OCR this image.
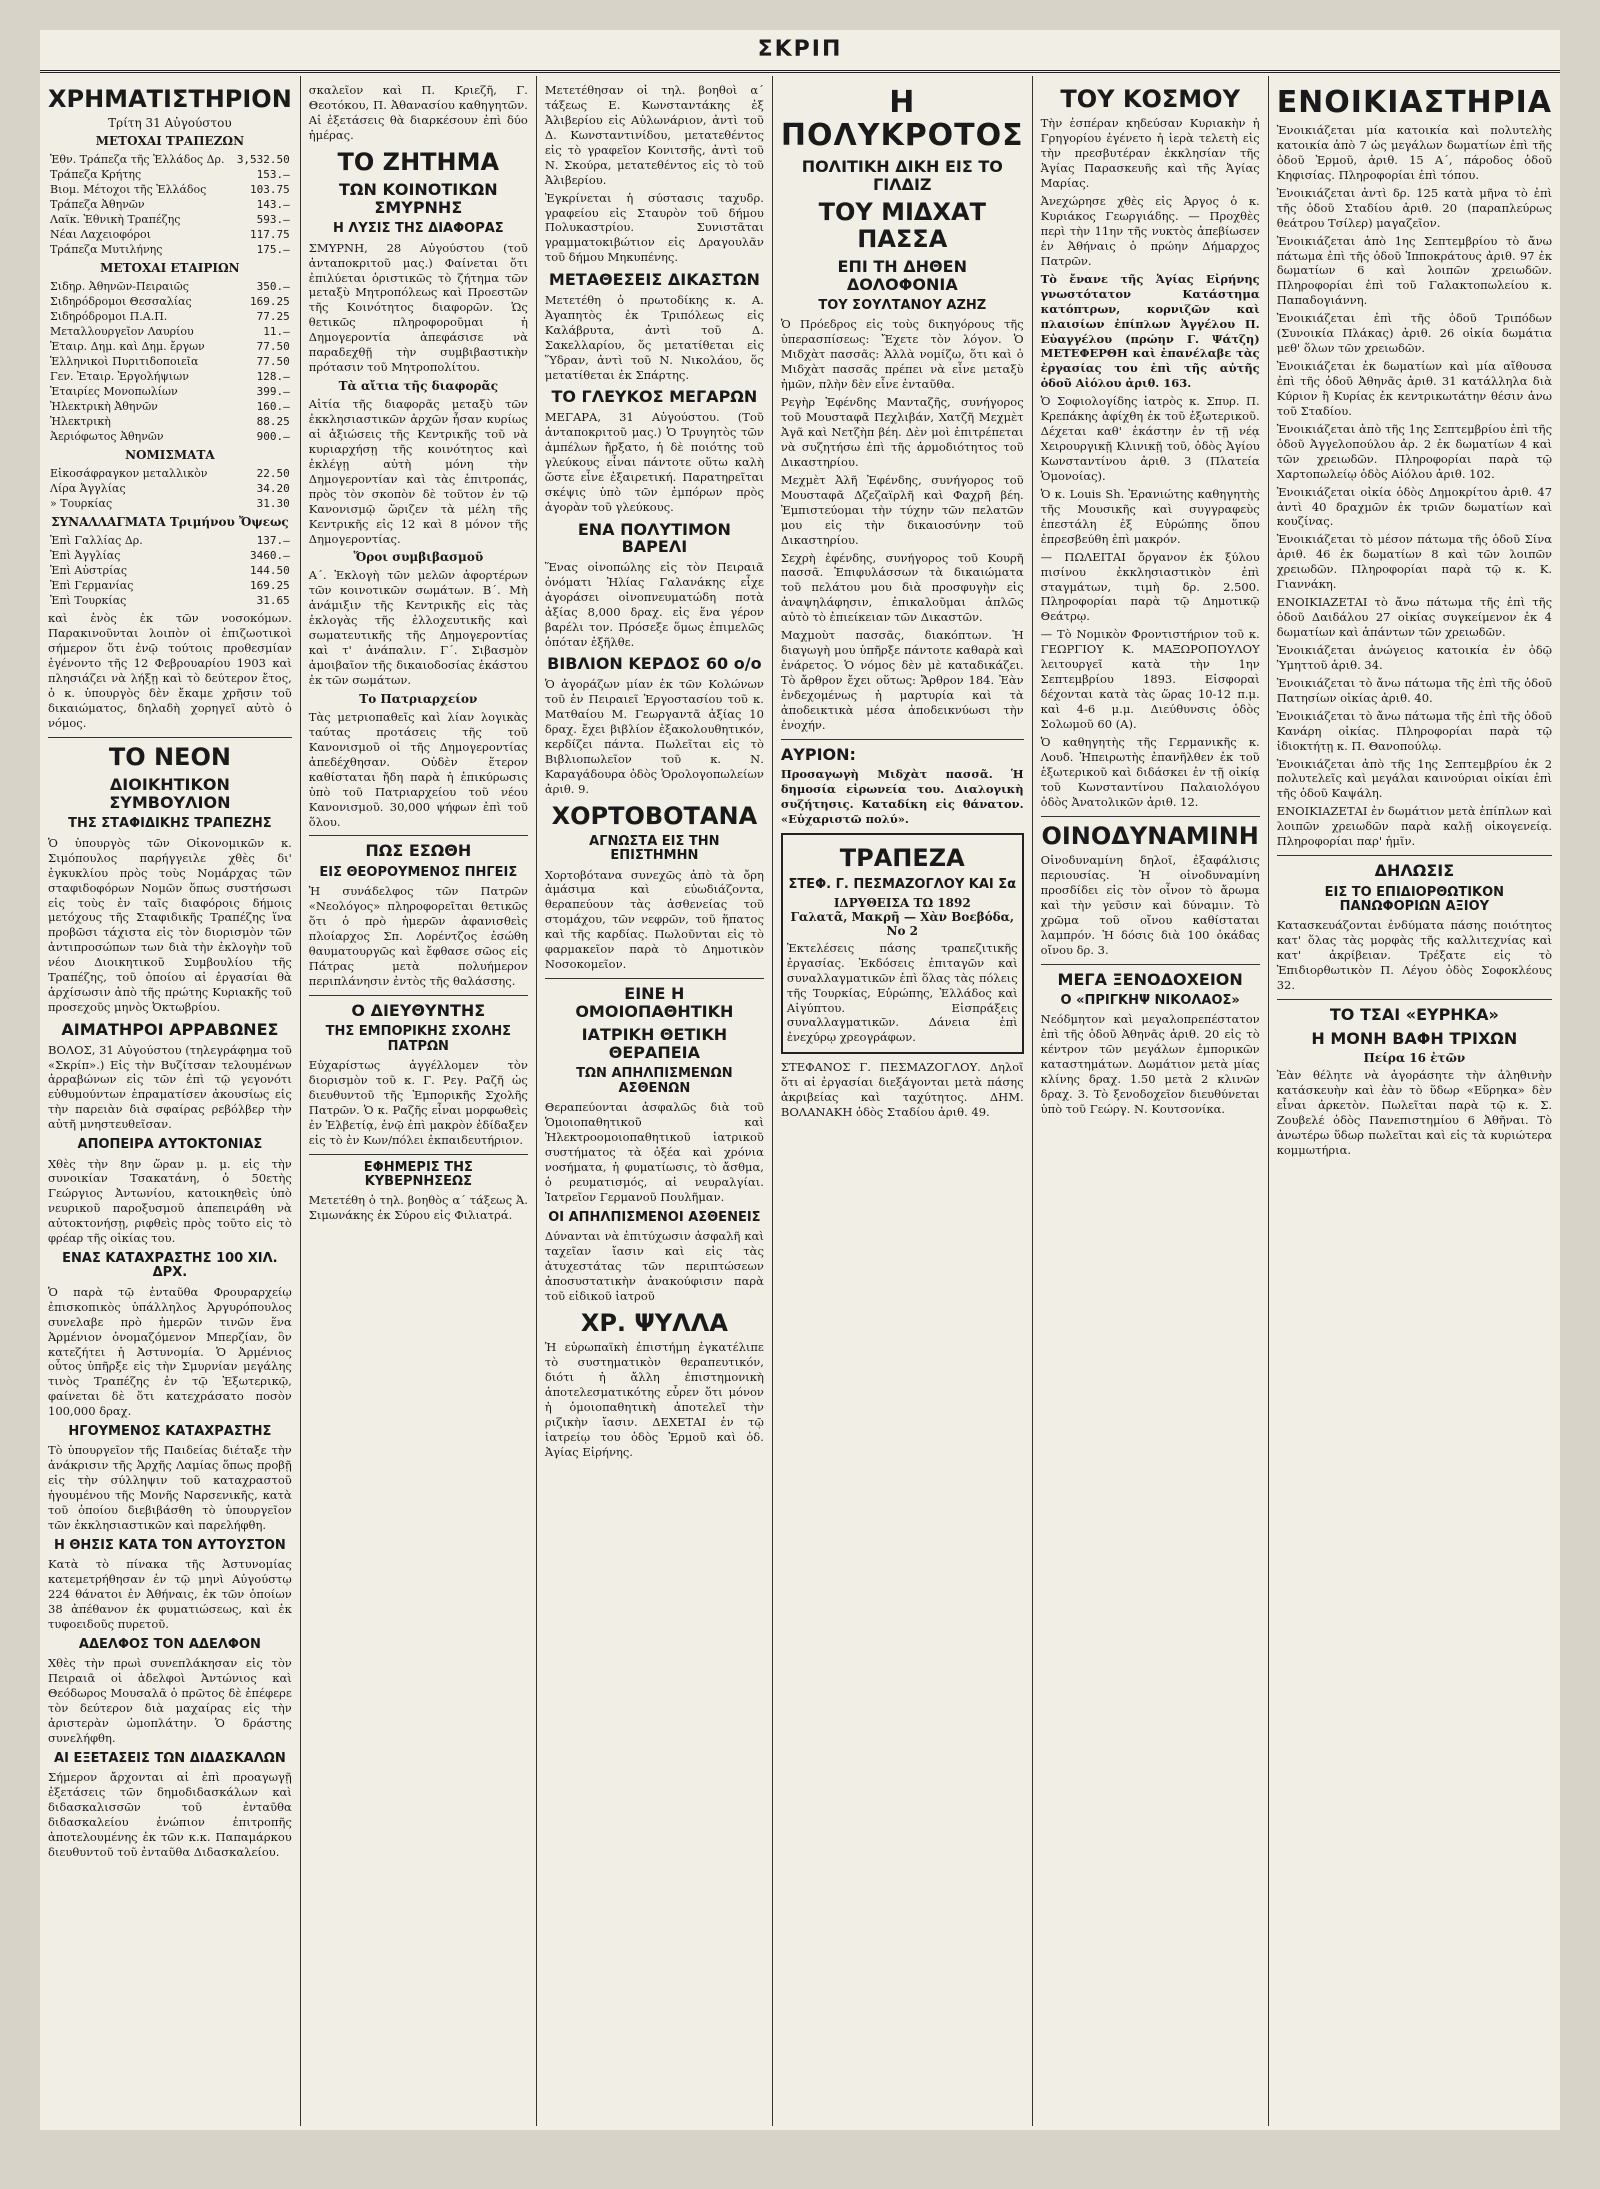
ΣΚΡΙΠ
ΧΡΗΜΑΤΙΣΤΗΡΙΟΝ
Τρίτη 31 Αὐγούστου
ΜΕΤΟΧΑΙ ΤΡΑΠΕΖΩΝ
Ἐθν. Τράπεζα τῆς Ἑλλάδος Δρ.	3,532.50
Τράπεζα Κρήτης	153.—
Βιομ. Μέτοχοι τῆς Ἑλλάδος	103.75
Τράπεζα Ἀθηνῶν	143.—
Λαϊκ. Ἐθνικὴ Τραπέζης	593.—
Νέαι Λαχειοφόροι	117.75
Τράπεζα Μυτιλήνης	175.—
ΜΕΤΟΧΑΙ ΕΤΑΙΡΙΩΝ
Σιδηρ. Ἀθηνῶν-Πειραιῶς	350.—
Σιδηρόδρομοι Θεσσαλίας	169.25
Σιδηρόδρομοι Π.Α.Π.	77.25
Μεταλλουργεῖον Λαυρίου	11.—
Ἐταιρ. Δημ. καὶ Δημ. ἔργων	77.50
Ἑλληνικοὶ Πυριτιδοποιεῖα	77.50
Γεν. Ἐταιρ. Ἐργολήψιων	128.—
Ἐταιρίες Μονοπωλίων	399.—
Ἠλεκτρικὴ Ἀθηνῶν	160.—
Ἠλεκτρικὴ	88.25
Ἀεριόφωτος Ἀθηνῶν	900.—
ΝΟΜΙΣΜΑΤΑ
Εἰκοσάφραγκον μεταλλικὸν	22.50
Λίρα Ἀγγλίας	34.20
» Τουρκίας	31.30
ΣΥΝΑΛΛΑΓΜΑΤΑ Τριμήνου Ὄψεως
Ἐπὶ Γαλλίας Δρ.	137.—
Ἐπὶ Ἀγγλίας	3460.—
Ἐπὶ Αὐστρίας	144.50
Ἐπὶ Γερμανίας	169.25
Ἐπὶ Τουρκίας	31.65

καὶ ἑνὸς ἐκ τῶν νοσοκόμων. Παρακινοῦνται λοιπὸν οἱ ἐπιζωοτικοὶ σήμερον ὅτι ἐνῷ τούτοις προθεσμίαν ἐγένοντο τῆς 12 Φεβρουαρίου 1903 καὶ πλησιάζει νὰ λήξῃ καὶ τὸ δεύτερον ἔτος, ὁ κ. ὑπουργὸς δὲν ἔκαμε χρῆσιν τοῦ δικαιώματος, δηλαδὴ χορηγεῖ αὐτὸ ὁ νόμος.

ΤΟ ΝΕΟΝ
ΔΙΟΙΚΗΤΙΚΟΝ ΣΥΜΒΟΥΛΙΟΝ
ΤΗΣ ΣΤΑΦΙΔΙΚΗΣ ΤΡΑΠΕΖΗΣ

Ὁ ὑπουργὸς τῶν Οἰκονομικῶν κ. Σιμόπουλος παρήγγειλε χθὲς δι' ἐγκυκλίου πρὸς τοὺς Νομάρχας τῶν σταφιδοφόρων Νομῶν ὅπως συστήσωσι εἰς τοὺς ἐν ταῖς διαφόροις δήμοις μετόχους τῆς Σταφιδικῆς Τραπέζης ἵνα προβῶσι τάχιστα εἰς τὸν διορισμὸν τῶν ἀντιπροσώπων των διὰ τὴν ἐκλογὴν τοῦ νέου Διοικητικοῦ Συμβουλίου τῆς Τραπέζης, τοῦ ὁποίου αἱ ἐργασίαι θὰ ἀρχίσωσιν ἀπὸ τῆς πρώτης Κυριακῆς τοῦ προσεχοῦς μηνὸς Ὀκτωβρίου.

ΑΙΜΑΤΗΡΟΙ ΑΡΡΑΒΩΝΕΣ

ΒΟΛΟΣ, 31 Αὐγούστου (τηλεγράφημα τοῦ «Σκρίπ».) Εἰς τὴν Βυζίτσαν τελουμένων ἀρραβώνων εἰς τῶν ἐπὶ τῷ γεγονότι εὐθυμούντων ἐπραματίσεν ἀκουσίως εἰς τὴν παρειὰν διὰ σφαίρας ρεβόλβερ τὴν αὐτῆ μνηστευθεῖσαν.

ΑΠΟΠΕΙΡΑ ΑΥΤΟΚΤΟΝΙΑΣ

Χθὲς τὴν 8ην ὥραν μ. μ. εἰς τὴν συνοικίαν Τσακατάνη, ὁ 50ετὴς Γεώργιος Ἀντωνίου, κατοικηθεὶς ὑπὸ νευρικοῦ παροξυσμοῦ ἀπεπειράθη νὰ αὐτοκτονήσῃ, ριφθεὶς πρὸς τοῦτο εἰς τὸ φρέαρ τῆς οἰκίας του.

ΕΝΑΣ ΚΑΤΑΧΡΑΣΤΗΣ 100 ΧΙΛ. ΔΡΧ.

Ὁ παρὰ τῷ ἐνταῦθα Φρουραρχείῳ ἐπισκοπικὸς ὑπάλληλος Ἀργυρόπουλος συνελαβε πρὸ ἡμερῶν τινῶν ἕνα Ἀρμένιον ὀνομαζόμενον Μπερζίαν, ὃν κατεζήτει ἡ Ἀστυνομία. Ὁ Ἀρμένιος οὗτος ὑπῆρξε εἰς τὴν Σμυρνίαν μεγάλης τινὸς Τραπέζης ἐν τῷ Ἐξωτερικῷ, φαίνεται δὲ ὅτι κατεχράσατο ποσὸν 100,000 δραχ.

ΗΓΟΥΜΕΝΟΣ ΚΑΤΑΧΡΑΣΤΗΣ

Τὸ ὑπουργεῖον τῆς Παιδείας διέταξε τὴν ἀνάκρισιν τῆς Ἀρχῆς Λαμίας ὅπως προβῇ εἰς τὴν σύλληψιν τοῦ καταχραστοῦ ἡγουμένου τῆς Μονῆς Ναρσενικῆς, κατὰ τοῦ ὁποίου διεβιβάσθη τὸ ὑπουργεῖον τῶν ἐκκλησιαστικῶν καὶ παρελήφθη.

Η ΘΗΣΙΣ ΚΑΤΑ ΤΟΝ ΑΥΤΟΥΣΤΟΝ

Κατὰ τὸ πίνακα τῆς Ἀστυνομίας κατεμετρήθησαν ἐν τῷ μηνὶ Αὐγούστῳ 224 θάνατοι ἐν Ἀθήναις, ἐκ τῶν ὁποίων 38 ἀπέθανον ἐκ φυματιώσεως, καὶ ἐκ τυφοειδοῦς πυρετοῦ.

ΑΔΕΛΦΟΣ ΤΟΝ ΑΔΕΛΦΟΝ

Χθὲς τὴν πρωὶ συνεπλάκησαν εἰς τὸν Πειραιᾶ οἱ ἀδελφοὶ Ἀντώνιος καὶ Θεόδωρος Μουσαλᾶ ὁ πρῶτος δὲ ἐπέφερε τὸν δεύτερον διὰ μαχαίρας εἰς τὴν ἀριστερὰν ὠμοπλάτην. Ὁ δράστης συνελήφθη.

ΑΙ ΕΞΕΤΑΣΕΙΣ ΤΩΝ ΔΙΔΑΣΚΑΛΩΝ

Σήμερον ἄρχονται αἱ ἐπὶ προαγωγῇ ἐξετάσεις τῶν δημοδιδασκάλων καὶ διδασκαλισσῶν τοῦ ἐνταῦθα διδασκαλείου ἐνώπιον ἐπιτροπῆς ἀποτελουμένης ἐκ τῶν κ.κ. Παπαμάρκου διευθυντοῦ τοῦ ἐνταῦθα Διδασκαλείου.

σκαλεῖον καὶ Π. Κριεζῆ, Γ. Θεοτόκου, Π. Ἀθανασίου καθηγητῶν. Αἱ ἐξετάσεις θὰ διαρκέσουν ἐπὶ δύο ἡμέρας.

ΤΟ ΖΗΤΗΜΑ
ΤΩΝ ΚΟΙΝΟΤΙΚΩΝ ΣΜΥΡΝΗΣ
Η ΛΥΣΙΣ ΤΗΣ ΔΙΑΦΟΡΑΣ

ΣΜΥΡΝΗ, 28 Αὐγούστου (τοῦ ἀνταποκριτοῦ μας.) Φαίνεται ὅτι ἐπιλύεται ὁριστικῶς τὸ ζήτημα τῶν μεταξὺ Μητροπόλεως καὶ Προεστῶν τῆς Κοινότητος διαφορῶν. Ὡς θετικῶς πληροφοροῦμαι ἡ Δημογεροντία ἀπεφάσισε νὰ παραδεχθῇ τὴν συμβιβαστικὴν πρότασιν τοῦ Μητροπολίτου.

Τὰ αἴτια τῆς διαφορᾶς

Αἰτία τῆς διαφορᾶς μεταξὺ τῶν ἐκκλησιαστικῶν ἀρχῶν ἦσαν κυρίως αἱ ἀξιώσεις τῆς Κεντρικῆς τοῦ νὰ κυριαρχήσῃ τῆς κοινότητος καὶ ἐκλέγῃ αὐτὴ μόνη τὴν Δημογεροντίαν καὶ τὰς ἐπιτροπάς, πρὸς τὸν σκοπὸν δὲ τοῦτον ἐν τῷ Κανονισμῷ ὥριζεν τὰ μέλη τῆς Κεντρικῆς εἰς 12 καὶ 8 μόνον τῆς Δημογεροντίας.

Ὅροι συμβιβασμοῦ

Α΄. Ἐκλογὴ τῶν μελῶν ἀφορτέρων τῶν κοινοτικῶν σωμάτων. Β΄. Μὴ ἀνάμιξιν τῆς Κεντρικῆς εἰς τὰς ἐκλογὰς τῆς ἐλλοχευτικῆς καὶ σωματευτικῆς τῆς Δημογεροντίας καὶ τ' ἀνάπαλιν. Γ΄. Σιβασμὸν ἀμοιβαῖον τῆς δικαιοδοσίας ἑκάστου ἐκ τῶν σωμάτων.

Το Πατριαρχείον

Τὰς μετριοπαθεῖς καὶ λίαν λογικὰς ταύτας προτάσεις τῆς τοῦ Κανονισμοῦ οἱ τῆς Δημογεροντίας ἀπεδέχθησαν. Οὐδὲν ἕτερον καθίσταται ἤδη παρὰ ἡ ἐπικύρωσις ὑπὸ τοῦ Πατριαρχείου τοῦ νέου Κανονισμοῦ. 30,000 ψήφων ἐπὶ τοῦ ὅλου.

ΠΩΣ ΕΣΩΘΗ
ΕΙΣ ΘΕΟΡΟΥΜΕΝΟΣ ΠΗΓΕΙΣ

Ἡ συνάδελφος τῶν Πατρῶν «Νεολόγος» πληροφορεῖται θετικῶς ὅτι ὁ πρὸ ἡμερῶν ἀφανισθεὶς πλοίαρχος Σπ. Λορέντζος ἐσώθη θαυματουργῶς καὶ ἔφθασε σῶος εἰς Πάτρας μετὰ πολυήμερον περιπλάνησιν ἐντὸς τῆς θαλάσσης.

Ο ΔΙΕΥΘΥΝΤΗΣ
ΤΗΣ ΕΜΠΟΡΙΚΗΣ ΣΧΟΛΗΣ ΠΑΤΡΩΝ

Εὐχαρίστως ἀγγέλλομεν τὸν διορισμὸν τοῦ κ. Γ. Ρεγ. Ραζῆ ὡς διευθυντοῦ τῆς Ἐμπορικῆς Σχολῆς Πατρῶν. Ὁ κ. Ραζῆς εἶναι μορφωθεὶς ἐν Ἑλβετίᾳ, ἐνῷ ἐπὶ μακρὸν ἐδίδαξεν εἰς τὸ ἐν Κων/πόλει ἐκπαιδευτήριον.

ΕΦΗΜΕΡΙΣ ΤΗΣ ΚΥΒΕΡΝΗΣΕΩΣ

Μετετέθη ὁ τηλ. βοηθὸς α΄ τάξεως Ἀ. Σιμωνάκης ἐκ Σύρου εἰς Φιλιατρά.

Μετετέθησαν οἱ τηλ. βοηθοὶ α΄ τάξεως Ε. Κωνσταντάκης ἐξ Ἀλιβερίου εἰς Αὐλωνάριον, ἀντὶ τοῦ Δ. Κωνσταντινίδου, μετατεθέντος εἰς τὸ γραφεῖον Κονιτσῆς, ἀντὶ τοῦ Ν. Σκούρα, μετατεθέντος εἰς τὸ τοῦ Ἀλιβερίου.

Ἐγκρίνεται ἡ σύστασις ταχυδρ. γραφείου εἰς Σταυρὸν τοῦ δήμου Πολυκαστρίου. Συνιστᾶται γραμματοκιβώτιον εἰς Δραγουλᾶν τοῦ δήμου Μηκυπένης.

ΜΕΤΑΘΕΣΕΙΣ ΔΙΚΑΣΤΩΝ

Μετετέθη ὁ πρωτοδίκης κ. Α. Ἀγαπητὸς ἐκ Τριπόλεως εἰς Καλάβρυτα, ἀντὶ τοῦ Δ. Σακελλαρίου, ὅς μετατίθεται εἰς Ὕδραν, ἀντὶ τοῦ Ν. Νικολάου, ὅς μετατίθεται ἐκ Σπάρτης.

ΤΟ ΓΛΕΥΚΟΣ ΜΕΓΑΡΩΝ

ΜΕΓΑΡΑ, 31 Αὐγούστου. (Τοῦ ἀνταποκριτοῦ μας.) Ὁ Τρυγητὸς τῶν ἀμπέλων ἤρξατο, ἡ δὲ ποιότης τοῦ γλεύκους εἶναι πάντοτε οὕτω καλὴ ὥστε εἶνε ἐξαιρετική. Παρατηρεῖται σκέψις ὑπὸ τῶν ἐμπόρων πρὸς ἀγορὰν τοῦ γλεύκους.

ΕΝΑ ΠΟΛΥΤΙΜΟΝ ΒΑΡΕΛΙ

Ἕνας οἰνοπώλης εἰς τὸν Πειραιᾶ ὀνόματι Ἠλίας Γαλανάκης εἶχε ἀγοράσει οἰνοπνευματώδη ποτὰ ἀξίας 8,000 δραχ. εἰς ἕνα γέρον βαρέλι τον. Πρόσεξε ὅμως ἐπιμελῶς ὁπόταν ἐξῆλθε.

ΒΙΒΛΙΟΝ ΚΕΡΔΟΣ 60 ο/ο

Ὁ ἀγοράζων μίαν ἐκ τῶν Κολώνων τοῦ ἐν Πειραιεῖ Ἐργοστασίου τοῦ κ. Ματθαίου Μ. Γεωργαντᾶ ἀξίας 10 δραχ. ἔχει βιβλίον ἐξακολουθητικόν, κερδίζει πάντα. Πωλεῖται εἰς τὸ Βιβλιοπωλεῖον τοῦ κ. Ν. Καραγάδουρα ὁδὸς Ὁρολογοπωλείων ἀριθ. 9.

ΧΟΡΤΟΒΟΤΑΝΑ
ΑΓΝΩΣΤΑ ΕΙΣ ΤΗΝ ΕΠΙΣΤΗΜΗΝ

Χορτοβότανα συνεχῶς ἀπὸ τὰ ὄρη ἀμάσιμα καὶ εὐωδιάζοντα, θεραπεύουν τὰς ἀσθενείας τοῦ στομάχου, τῶν νεφρῶν, τοῦ ἥπατος καὶ τῆς καρδίας. Πωλοῦνται εἰς τὸ φαρμακεῖον παρὰ τὸ Δημοτικὸν Νοσοκομεῖον.

ΕΙΝΕ Η ΟΜΟΙΟΠΑΘΗΤΙΚΗ
ΙΑΤΡΙΚΗ ΘΕΤΙΚΗ ΘΕΡΑΠΕΙΑ
ΤΩΝ ΑΠΗΛΠΙΣΜΕΝΩΝ ΑΣΘΕΝΩΝ

Θεραπεύονται ἀσφαλῶς διὰ τοῦ Ὁμοιοπαθητικοῦ καὶ Ἠλεκτροομοιοπαθητικοῦ ἰατρικοῦ συστήματος τὰ ὀξέα καὶ χρόνια νοσήματα, ἡ φυματίωσις, τὸ ἄσθμα, ὁ ρευματισμός, αἱ νευραλγίαι. Ἰατρεῖον Γερμανοῦ Πουλῆμαν.

ΟΙ ΑΠΗΛΠΙΣΜΕΝΟΙ ΑΣΘΕΝΕΙΣ

Δύνανται νὰ ἐπιτύχωσιν ἀσφαλῆ καὶ ταχεῖαν ἴασιν καὶ εἰς τὰς ἀτυχεστάτας τῶν περιπτώσεων ἀποσυστατικὴν ἀνακούφισιν παρὰ τοῦ εἰδικοῦ ἰατροῦ

ΧΡ. ΨΥΛΛΑ

Ἡ εὐρωπαϊκὴ ἐπιστήμη ἐγκατέλιπε τὸ συστηματικὸν θεραπευτικόν, διότι ἡ ἄλλη ἐπιστημονικὴ ἀποτελεσματικότης εὗρεν ὅτι μόνον ἡ ὁμοιοπαθητικὴ ἀποτελεῖ τὴν ριζικὴν ἴασιν. ΔΕΧΕΤΑΙ ἐν τῷ ἰατρείῳ του ὁδὸς Ἑρμοῦ καὶ ὁδ. Ἀγίας Εἰρήνης.

Η ΠΟΛΥΚΡΟΤΟΣ
ΠΟΛΙΤΙΚΗ ΔΙΚΗ ΕΙΣ ΤΟ ΓΙΛΔΙΖ
ΤΟΥ ΜΙΔΧΑΤ ΠΑΣΣΑ
ΕΠΙ ΤΗ ΔΗΘΕΝ ΔΟΛΟΦΟΝΙΑ
ΤΟΥ ΣΟΥΛΤΑΝΟΥ ΑΖΗΖ

Ὁ Πρόεδρος εἰς τοὺς δικηγόρους τῆς ὑπερασπίσεως: Ἔχετε τὸν λόγον. Ὁ Μιδχὰτ πασσᾶς: Ἀλλὰ νομίζω, ὅτι καὶ ὁ Μιδχὰτ πασσᾶς πρέπει νὰ εἶνε μεταξὺ ἡμῶν, πλὴν δὲν εἶνε ἐνταῦθα.

Ρεγὴρ Ἐφένδης Μανταζῆς, συνήγορος τοῦ Μουσταφᾶ Πεχλιβάν, Χατζῆ Μεχμὲτ Ἀγᾶ καὶ Νετζὴπ βέη. Δὲν μοὶ ἐπιτρέπεται νὰ συζητήσω ἐπὶ τῆς ἀρμοδιότητος τοῦ Δικαστηρίου.

Μεχμὲτ Ἀλῆ Ἐφένδης, συνήγορος τοῦ Μουσταφᾶ Δζεζαϊρλῆ καὶ Φαχρῆ βέη. Ἐμπιστεύομαι τὴν τύχην τῶν πελατῶν μου εἰς τὴν δικαιοσύνην τοῦ Δικαστηρίου.

Σεχρὴ ἐφένδης, συνήγορος τοῦ Κουρῆ πασσᾶ. Ἐπιφυλάσσων τὰ δικαιώματα τοῦ πελάτου μου διὰ προσφυγὴν εἰς ἀναψηλάφησιν, ἐπικαλοῦμαι ἁπλῶς αὐτὸ τὸ ἐπιείκειαν τῶν Δικαστῶν.

Μαχμοὺτ πασσᾶς, διακόπτων. Ἡ διαγωγὴ μου ὑπῆρξε πάντοτε καθαρὰ καὶ ἐνάρετος. Ὁ νόμος δὲν μὲ καταδικάζει. Τὸ ἄρθρον ἔχει οὕτως: Ἄρθρον 184. Ἐὰν ἐνδεχομένως ἡ μαρτυρία καὶ τὰ ἀποδεικτικὰ μέσα ἀποδεικνύωσι τὴν ἐνοχήν.

ΑΥΡΙΟΝ:

Προσαγωγὴ Μιδχὰτ πασσᾶ. Ἡ δημοσία εἰρωνεία του. Διαλογικὴ συζήτησις. Καταδίκη εἰς θάνατον. «Εὐχαριστῶ πολύ».

ΤΡΑΠΕΖΑ
ΣΤΕΦ. Γ. ΠΕΣΜΑΖΟΓΛΟΥ ΚΑΙ Σα
ΙΔΡΥΘΕΙΣΑ ΤΩ 1892
Γαλατᾶ, Μακρῆ — Χὰν Βοεβόδα, Νο 2

Ἐκτελέσεις πάσης τραπεζιτικῆς ἐργασίας. Ἐκδόσεις ἐπιταγῶν καὶ συναλλαγματικῶν ἐπὶ ὅλας τὰς πόλεις τῆς Τουρκίας, Εὐρώπης, Ἑλλάδος καὶ Αἰγύπτου. Εἰσπράξεις συναλλαγματικῶν. Δάνεια ἐπὶ ἐνεχύρῳ χρεογράφων.

ΣΤΕΦΑΝΟΣ Γ. ΠΕΣΜΑΖΟΓΛΟΥ. Δηλοῖ ὅτι αἱ ἐργασίαι διεξάγονται μετὰ πάσης ἀκριβείας καὶ ταχύτητος. ΔΗΜ. ΒΟΛΑΝΑΚΗ ὁδὸς Σταδίου ἀριθ. 49.

ΤΟΥ ΚΟΣΜΟΥ

Τὴν ἐσπέραν κηδεύσαν Κυριακὴν ἡ Γρηγορίου ἐγένετο ἡ ἱερὰ τελετὴ εἰς τὴν πρεσβυτέραν ἐκκλησίαν τῆς Ἁγίας Παρασκευῆς καὶ τῆς Ἁγίας Μαρίας.

Ἀνεχώρησε χθὲς εἰς Ἀργος ὁ κ. Κυριάκος Γεωργιάδης. — Προχθὲς περὶ τὴν 11ην τῆς νυκτὸς ἀπεβίωσεν ἐν Ἀθήναις ὁ πρώην Δήμαρχος Πατρῶν.

Τὸ ἔνανε τῆς Ἁγίας Εἰρήνης γνωστότατον Κατάστημα κατόπτρων, κορνιζῶν καὶ πλαισίων ἐπίπλων Ἀγγέλου Π. Εὐαγγέλου (πρώην Γ. Ψάτζη) ΜΕΤΕΦΕΡΘΗ καὶ ἐπανέλαβε τὰς ἐργασίας του ἐπὶ τῆς αὐτῆς ὁδοῦ Αἰόλου ἀριθ. 163.

Ὁ Σοφιολογίδης ἰατρὸς κ. Σπυρ. Π. Κρεπάκης ἀφίχθη ἐκ τοῦ ἐξωτερικοῦ. Δέχεται καθ' ἑκάστην ἐν τῇ νέᾳ Χειρουργικῇ Κλινικῇ τοῦ, ὁδὸς Ἀγίου Κωνσταντίνου ἀριθ. 3 (Πλατεία Ὁμονοίας).

Ὁ κ. Louis Sh. Ἐρανιώτης καθηγητὴς τῆς Μουσικῆς καὶ συγγραφεὺς ἐπεστάλη ἐξ Εὐρώπης ὅπου ἐπρεσβεύθη ἐπὶ μακρόν.

— ΠΩΛΕΙΤΑΙ ὄργανον ἐκ ξύλου πισίνου ἐκκλησιαστικὸν ἐπὶ σταγμάτων, τιμὴ δρ. 2.500. Πληροφορίαι παρὰ τῷ Δημοτικῷ Θεάτρῳ.

— Τὸ Νομικὸν Φροντιστήριον τοῦ κ. ΓΕΩΡΓΙΟΥ Κ. ΜΑΞΩΡΟΠΟΥΛΟΥ λειτουργεῖ κατὰ τὴν 1ην Σεπτεμβρίου 1893. Εἰσφοραὶ δέχονται κατὰ τὰς ὥρας 10-12 π.μ. καὶ 4-6 μ.μ. Διεύθυνσις ὁδὸς Σολωμοῦ 60 (Α).

Ὁ καθηγητὴς τῆς Γερμανικῆς κ. Λουδ. Ἠπειρωτὴς ἐπανῆλθεν ἐκ τοῦ ἐξωτερικοῦ καὶ διδάσκει ἐν τῇ οἰκίᾳ τοῦ Κωνσταντίνου Παλαιολόγου ὁδὸς Ἀνατολικῶν ἀριθ. 12.

ΟΙΝΟΔΥΝΑΜΙΝΗ

Οἰνοδυναμίνη δηλοῖ, ἐξαφάλισις περιουσίας. Ἡ οἰνοδυναμίνη προσδίδει εἰς τὸν οἶνον τὸ ἄρωμα καὶ τὴν γεῦσιν καὶ δύναμιν. Τὸ χρῶμα τοῦ οἴνου καθίσταται λαμπρόν. Ἡ δόσις διὰ 100 ὀκάδας οἴνου δρ. 3.

ΜΕΓΑ ΞΕΝΟΔΟΧΕΙΟΝ
Ο «ΠΡΙΓΚΗΨ ΝΙΚΟΛΑΟΣ»

Νεόδμητον καὶ μεγαλοπρεπέστατον ἐπὶ τῆς ὁδοῦ Ἀθηνᾶς ἀριθ. 20 εἰς τὸ κέντρον τῶν μεγάλων ἐμπορικῶν καταστημάτων. Δωμάτιον μετὰ μίας κλίνης δραχ. 1.50 μετὰ 2 κλινῶν δραχ. 3. Τὸ ξενοδοχεῖον διευθύνεται ὑπὸ τοῦ Γεώργ. Ν. Κουτσονίκα.

ΕΝΟΙΚΙΑΣΤΗΡΙΑ

Ἐνοικιάζεται μία κατοικία καὶ πολυτελὴς κατοικία ἀπὸ 7 ὡς μεγάλων δωματίων ἐπὶ τῆς ὁδοῦ Ἑρμοῦ, ἀριθ. 15 Α΄, πάροδος ὁδοῦ Κηφισίας. Πληροφορίαι ἐπὶ τόπου.

Ἐνοικιάζεται ἀντὶ δρ. 125 κατὰ μῆνα τὸ ἐπὶ τῆς ὁδοῦ Σταδίου ἀριθ. 20 (παραπλεύρως θεάτρου Τσίλερ) μαγαζεῖον.

Ἐνοικιάζεται ἀπὸ 1ης Σεπτεμβρίου τὸ ἄνω πάτωμα ἐπὶ τῆς ὁδοῦ Ἱπποκράτους ἀριθ. 97 ἐκ δωματίων 6 καὶ λοιπῶν χρειωδῶν. Πληροφορίαι ἐπὶ τοῦ Γαλακτοπωλείου κ. Παπαδογιάννη.

Ἐνοικιάζεται ἐπὶ τῆς ὁδοῦ Τριπόδων (Συνοικία Πλάκας) ἀριθ. 26 οἰκία δωμάτια μεθ' ὅλων τῶν χρειωδῶν.

Ἐνοικιάζεται ἐκ δωματίων καὶ μία αἴθουσα ἐπὶ τῆς ὁδοῦ Ἀθηνᾶς ἀριθ. 31 κατάλληλα διὰ Κύριον ἢ Κυρίας ἐκ κεντρικωτάτην θέσιν ἀνω τοῦ Σταδίου.

Ἐνοικιάζεται ἀπὸ τῆς 1ης Σεπτεμβρίου ἐπὶ τῆς ὁδοῦ Ἀγγελοπούλου ἀρ. 2 ἐκ δωματίων 4 καὶ τῶν χρειωδῶν. Πληροφορίαι παρὰ τῷ Χαρτοπωλείῳ ὁδὸς Αἰόλου ἀριθ. 102.

Ἐνοικιάζεται οἰκία ὁδὸς Δημοκρίτου ἀριθ. 47 ἀντὶ 40 δραχμῶν ἐκ τριῶν δωματίων καὶ κουζίνας.

Ἐνοικιάζεται τὸ μέσον πάτωμα τῆς ὁδοῦ Σίνα ἀριθ. 46 ἐκ δωματίων 8 καὶ τῶν λοιπῶν χρειωδῶν. Πληροφορίαι παρὰ τῷ κ. Κ. Γιαννάκη.

ΕΝΟΙΚΙΑΖΕΤΑΙ τὸ ἄνω πάτωμα τῆς ἐπὶ τῆς ὁδοῦ Δαιδάλου 27 οἰκίας συγκείμενον ἐκ 4 δωματίων καὶ ἁπάντων τῶν χρειωδῶν.

Ἐνοικιάζεται ἀνώγειος κατοικία ἐν ὁδῷ Ὑμηττοῦ ἀριθ. 34.

Ἐνοικιάζεται τὸ ἄνω πάτωμα τῆς ἐπὶ τῆς ὁδοῦ Πατησίων οἰκίας ἀριθ. 40.

Ἐνοικιάζεται τὸ ἄνω πάτωμα τῆς ἐπὶ τῆς ὁδοῦ Κανάρη οἰκίας. Πληροφορίαι παρὰ τῷ ἰδιοκτήτῃ κ. Π. Θανοπούλῳ.

Ἐνοικιάζεται ἀπὸ τῆς 1ης Σεπτεμβρίου ἐκ 2 πολυτελεῖς καὶ μεγάλαι καινούριαι οἰκίαι ἐπὶ τῆς ὁδοῦ Καψάλη.

ΕΝΟΙΚΙΑΖΕΤΑΙ ἐν δωμάτιον μετὰ ἐπίπλων καὶ λοιπῶν χρειωδῶν παρὰ καλῇ οἰκογενείᾳ. Πληροφορίαι παρ' ἡμῖν.

ΔΗΛΩΣΙΣ
ΕΙΣ ΤΟ ΕΠΙΔΙΟΡΘΩΤΙΚΟΝ ΠΑΝΩΦΟΡΙΩΝ ΑΞΙΟΥ

Κατασκευάζονται ἐνδύματα πάσης ποιότητος κατ' ὅλας τὰς μορφὰς τῆς καλλιτεχνίας καὶ κατ' ἀκρίβειαν. Τρέξατε εἰς τὸ Ἐπιδιορθωτικὸν Π. Λέγου ὁδὸς Σοφοκλέους 32.

ΤΟ ΤΣΑΙ «ΕΥΡΗΚΑ»
Η ΜΟΝΗ ΒΑΦΗ ΤΡΙΧΩΝ
Πείρα 16 ἐτῶν

Ἐὰν θέλητε νὰ ἀγοράσητε τὴν ἀληθινὴν κατάσκευὴν καὶ ἐὰν τὸ ὕδωρ «Εὕρηκα» δὲν εἶναι ἀρκετὸν. Πωλεῖται παρὰ τῷ κ. Σ. Ζουβελέ ὁδὸς Πανεπιστημίου 6 Ἀθῆναι. Τὸ ἀνωτέρω ὕδωρ πωλεῖται καὶ εἰς τὰ κυριώτερα κομμωτήρια.
